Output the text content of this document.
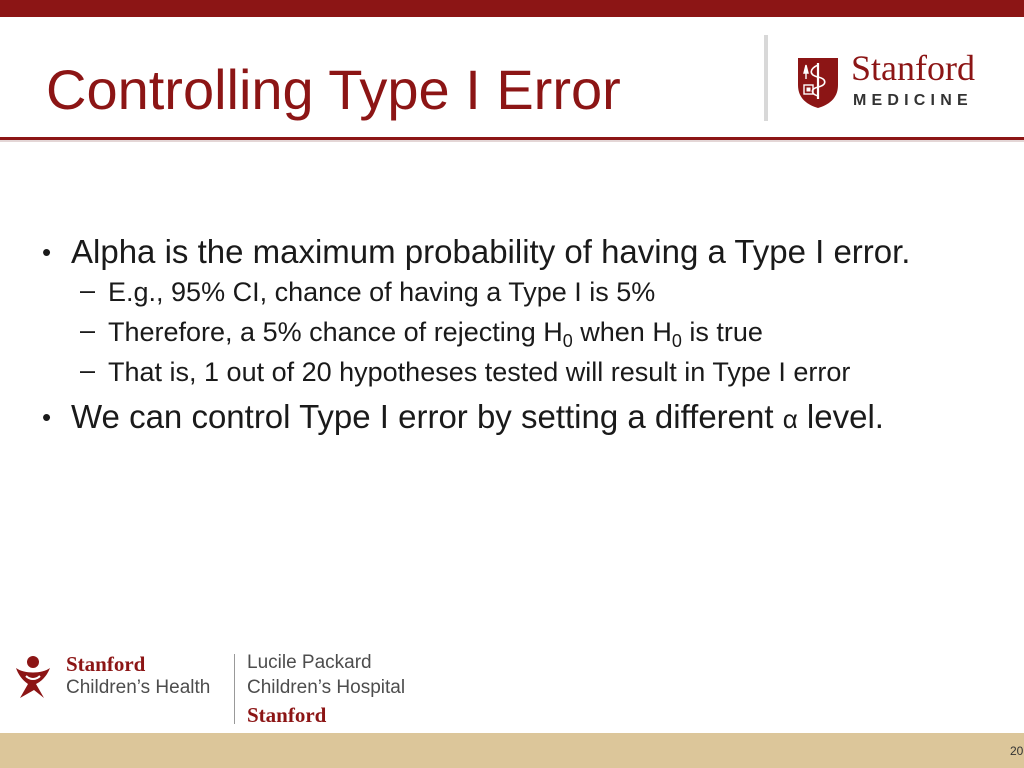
Controlling Type I Error	Stanford
MEDICINE
• Alpha is the maximum probability of having a Type I error.
– E.g., 95% CI, chance of having a Type I is 5%
– Therefore, a 5% chance of rejecting $H_0$ when $H_0$ is true
– That is, 1 out of 20 hypotheses tested will result in Type I error
• We can control Type I error by setting a different α level.
Stanford
Children’s Health
Lucile Packard
Children’s Hospital
Stanford
20
